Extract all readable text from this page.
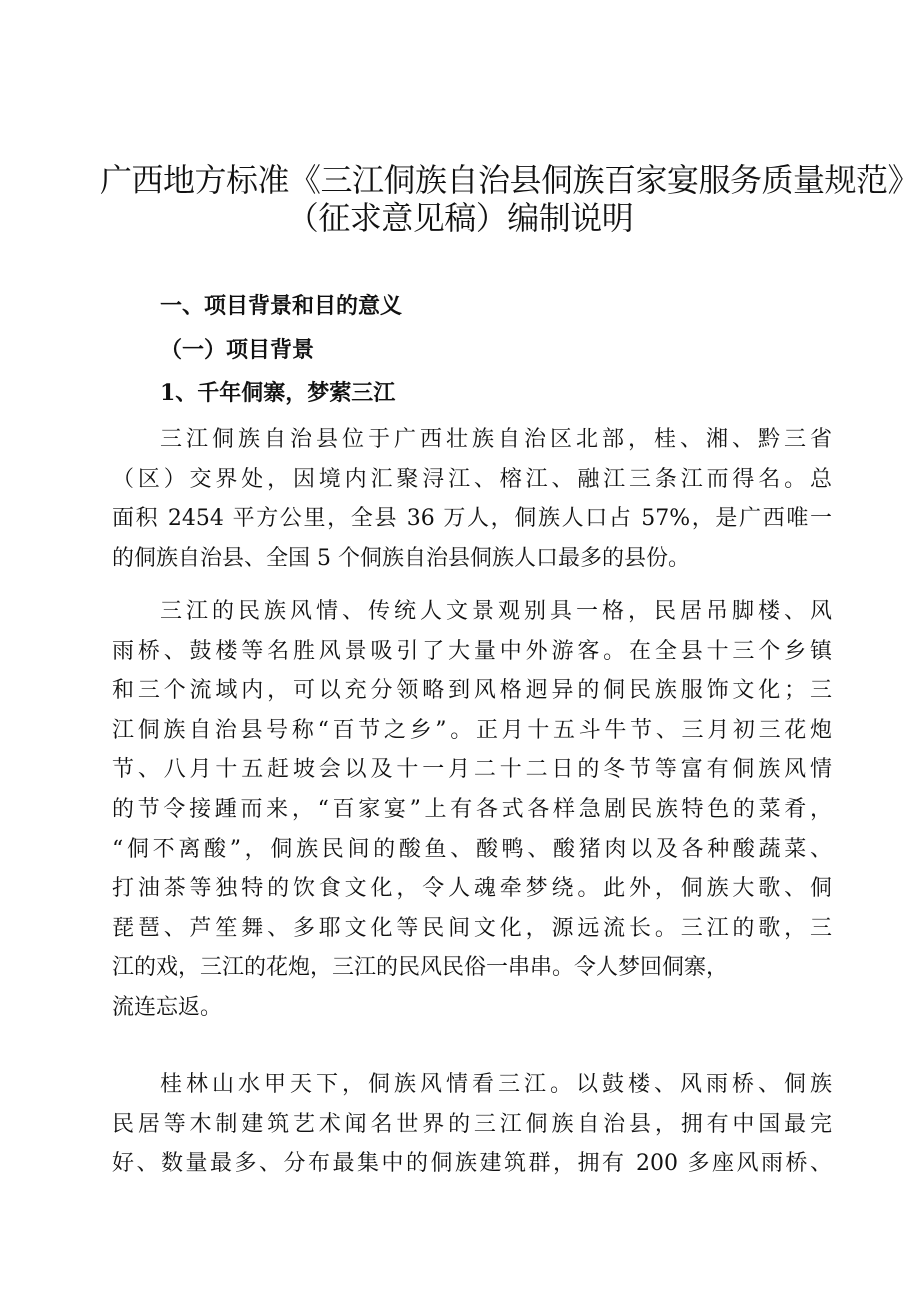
广西地方标准《三江侗族自治县侗族百家宴服务质量规范》
（征求意见稿）编制说明
一、项目背景和目的意义
（一）项目背景
1、千年侗寨，梦萦三江
三江侗族自治县位于广西壮族自治区北部，桂、湘、黔三省
（区）交界处，因境内汇聚浔江、榕江、融江三条江而得名。总
面积 2454 平方公里，全县 36 万人，侗族人口占 57%，是广西唯一
的侗族自治县、全国 5 个侗族自治县侗族人口最多的县份。
三江的民族风情、传统人文景观别具一格，民居吊脚楼、风
雨桥、鼓楼等名胜风景吸引了大量中外游客。在全县十三个乡镇
和三个流域内，可以充分领略到风格迥异的侗民族服饰文化；三
江侗族自治县号称“百节之乡”。正月十五斗牛节、三月初三花炮
节、八月十五赶坡会以及十一月二十二日的冬节等富有侗族风情
的节令接踵而来，“百家宴”上有各式各样急剧民族特色的菜肴，
“侗不离酸”，侗族民间的酸鱼、酸鸭、酸猪肉以及各种酸蔬菜、
打油茶等独特的饮食文化，令人魂牵梦绕。此外，侗族大歌、侗
琵琶、芦笙舞、多耶文化等民间文化，源远流长。三江的歌，三
江的戏，三江的花炮，三江的民风民俗一串串。令人梦回侗寨，
流连忘返。
桂林山水甲天下，侗族风情看三江。以鼓楼、风雨桥、侗族
民居等木制建筑艺术闻名世界的三江侗族自治县，拥有中国最完
好、数量最多、分布最集中的侗族建筑群，拥有 200 多座风雨桥、
